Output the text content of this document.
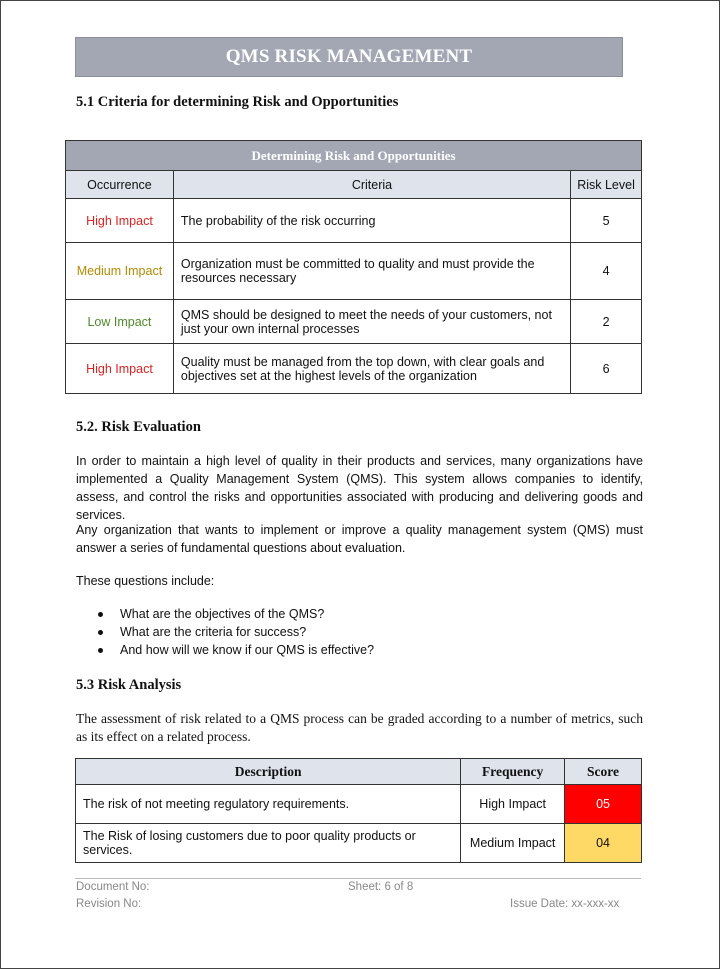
QMS RISK MANAGEMENT
5.1 Criteria for determining Risk and Opportunities
Determining Risk and Opportunities		
Occurrence	Criteria	Risk Level
High Impact	The probability of the risk occurring	5
Medium Impact	Organization must be committed to quality and must provide the resources necessary	4
Low Impact	QMS should be designed to meet the needs of your customers, not just your own internal processes	2
High Impact	Quality must be managed from the top down, with clear goals and objectives set at the highest levels of the organization	6
5.2. Risk Evaluation

In order to maintain a high level of quality in their products and services, many organizations have implemented a Quality Management System (QMS). This system allows companies to identify, assess, and control the risks and opportunities associated with producing and delivering goods and services.

Any organization that wants to implement or improve a quality management system (QMS) must answer a series of fundamental questions about evaluation.

These questions include:

What are the objectives of the QMS?
What are the criteria for success?
And how will we know if our QMS is effective?
5.3 Risk Analysis

The assessment of risk related to a QMS process can be graded according to a number of metrics, such as its effect on a related process.

Description	Frequency	Score
The risk of not meeting regulatory requirements.	High Impact	05
The Risk of losing customers due to poor quality products or services.	Medium Impact	04
Document No:
Revision No:
Sheet: 6 of 8
Issue Date: xx-xxx-xx
